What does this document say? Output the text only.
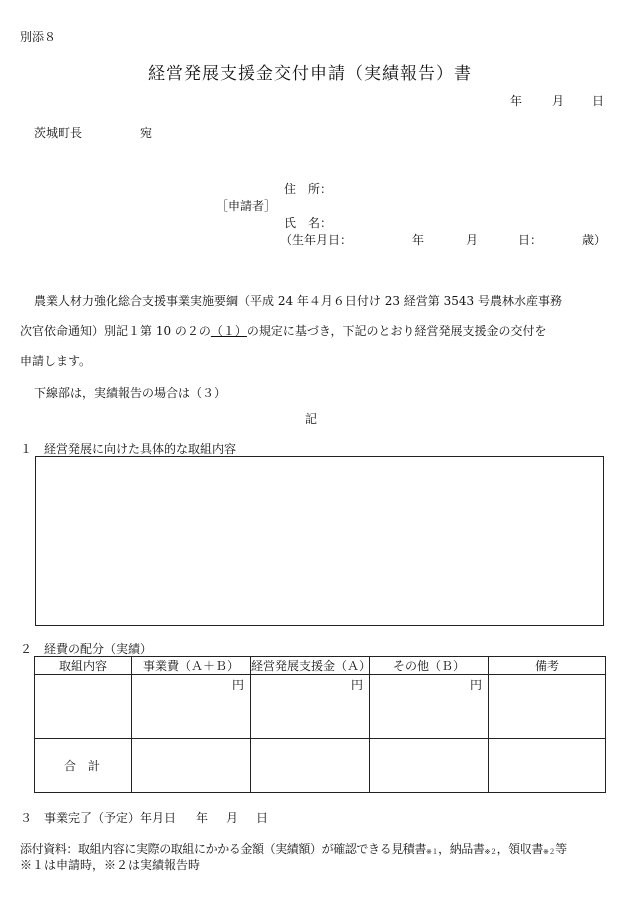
別添８
経営発展支援金交付申請（実績報告）書
年 月 日
茨城町長	宛
住　所：
［申請者］
氏　名：
（生年月日：	年	月	日：	歳）
農業人材力強化総合支援事業実施要綱（平成 24 年４月６日付け 23 経営第 3543 号農林水産事務
次官依命通知）別記１第 10 の２の（１）の規定に基づき，下記のとおり経営発展支援金の交付を
申請します。
下線部は，実績報告の場合は（３）
記
１　経営発展に向けた具体的な取組内容
２　経費の配分（実績）
取組内容	事業費（Ａ＋Ｂ）	経営発展支援金（Ａ）	その他（Ｂ）	備考
	円	円	円	
合計				
３　事業完了（予定）年月日 年 月 日
添付資料：取組内容に実際の取組にかかる金額（実績額）が確認できる見積書$_{※1}$，納品書$_{※2}$，領収書$_{※2}$等
※１は申請時，※２は実績報告時
